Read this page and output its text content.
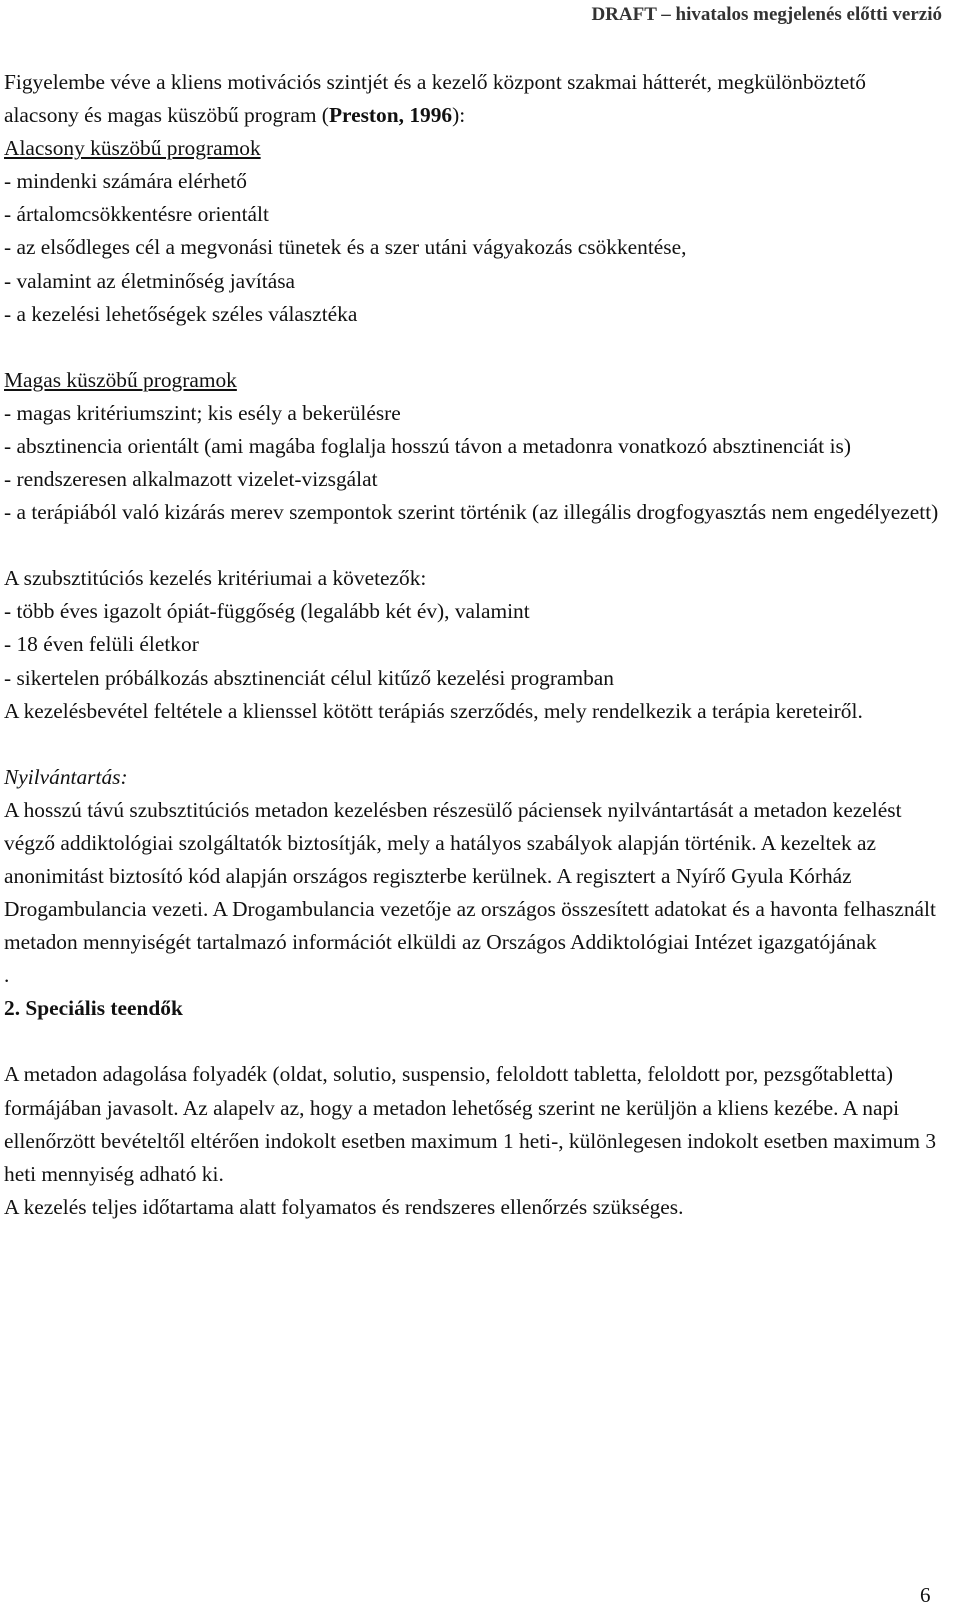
DRAFT – hivatalos megjelenés előtti verzió

Figyelembe véve a kliens motivációs szintjét és a kezelő központ szakmai hátterét, megkülönböztető alacsony és magas küszöbű program (Preston, 1996):

Alacsony küszöbű programok

- mindenki számára elérhető

- ártalomcsökkentésre orientált

- az elsődleges cél a megvonási tünetek és a szer utáni vágyakozás csökkentése,

- valamint az életminőség javítása

- a kezelési lehetőségek széles választéka

Magas küszöbű programok

- magas kritériumszint; kis esély a bekerülésre

- absztinencia orientált (ami magába foglalja hosszú távon a metadonra vonatkozó absztinenciát is)

- rendszeresen alkalmazott vizelet-vizsgálat

- a terápiából való kizárás merev szempontok szerint történik (az illegális drogfogyasztás nem engedélyezett)

A szubsztitúciós kezelés kritériumai a követezők:

- több éves igazolt ópiát-függőség (legalább két év), valamint

- 18 éven felüli életkor

- sikertelen próbálkozás absztinenciát célul kitűző kezelési programban

A kezelésbevétel feltétele a klienssel kötött terápiás szerződés, mely rendelkezik a terápia kereteiről.

Nyilvántartás:

A hosszú távú szubsztitúciós metadon kezelésben részesülő páciensek nyilvántartását a metadon kezelést végző addiktológiai szolgáltatók biztosítják, mely a hatályos szabályok alapján történik. A kezeltek az anonimitást biztosító kód alapján országos regiszterbe kerülnek. A regisztert a Nyírő Gyula Kórház Drogambulancia vezeti. A Drogambulancia vezetője az országos összesített adatokat és a havonta felhasznált metadon mennyiségét tartalmazó információt elküldi az Országos Addiktológiai Intézet igazgatójának

.

2. Speciális teendők

A metadon adagolása folyadék (oldat, solutio, suspensio, feloldott tabletta, feloldott por, pezsgőtabletta) formájában javasolt. Az alapelv az, hogy a metadon lehetőség szerint ne kerüljön a kliens kezébe. A napi ellenőrzött bevételtől eltérően indokolt esetben maximum 1 heti-, különlegesen indokolt esetben maximum 3 heti mennyiség adható ki.

A kezelés teljes időtartama alatt folyamatos és rendszeres ellenőrzés szükséges.

6
